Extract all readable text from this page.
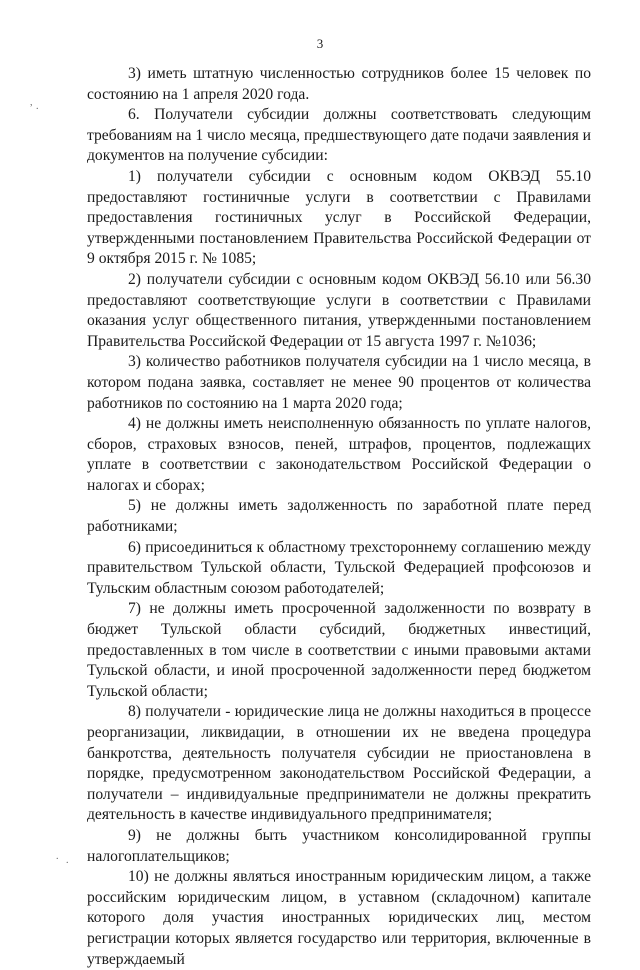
3
, .
. .

3) иметь штатную численностью сотрудников более 15 человек по состоянию на 1 апреля 2020 года.

6. Получатели субсидии должны соответствовать следующим требованиям на 1 число месяца, предшествующего дате подачи заявления и документов на получение субсидии:

1) получатели субсидии с основным кодом ОКВЭД 55.10 предоставляют гостиничные услуги в соответствии с Правилами предоставления гостиничных услуг в Российской Федерации, утвержденными постановлением Правительства Российской Федерации от 9 октября 2015 г. № 1085;

2) получатели субсидии с основным кодом ОКВЭД 56.10 или 56.30 предоставляют соответствующие услуги в соответствии с Правилами оказания услуг общественного питания, утвержденными постановлением Правительства Российской Федерации от 15 августа 1997 г. №1036;

3) количество работников получателя субсидии на 1 число месяца, в котором подана заявка, составляет не менее 90 процентов от количества работников по состоянию на 1 марта 2020 года;

4) не должны иметь неисполненную обязанность по уплате налогов, сборов, страховых взносов, пеней, штрафов, процентов, подлежащих уплате в соответствии с законодательством Российской Федерации о налогах и сборах;

5) не должны иметь задолженность по заработной плате перед работниками;

6) присоединиться к областному трехстороннему соглашению между правительством Тульской области, Тульской Федерацией профсоюзов и Тульским областным союзом работодателей;

7) не должны иметь просроченной задолженности по возврату в бюджет Тульской области субсидий, бюджетных инвестиций, предоставленных в том числе в соответствии с иными правовыми актами Тульской области, и иной просроченной задолженности перед бюджетом Тульской области;

8) получатели - юридические лица не должны находиться в процессе реорганизации, ликвидации, в отношении их не введена процедура банкротства, деятельность получателя субсидии не приостановлена в порядке, предусмотренном законодательством Российской Федерации, а получатели – индивидуальные предприниматели не должны прекратить деятельность в качестве индивидуального предпринимателя;

9) не должны быть участником консолидированной группы налогоплательщиков;

10) не должны являться иностранным юридическим лицом, а также российским юридическим лицом, в уставном (складочном) капитале которого доля участия иностранных юридических лиц, местом регистрации которых является государство или территория, включенные в утверждаемый
